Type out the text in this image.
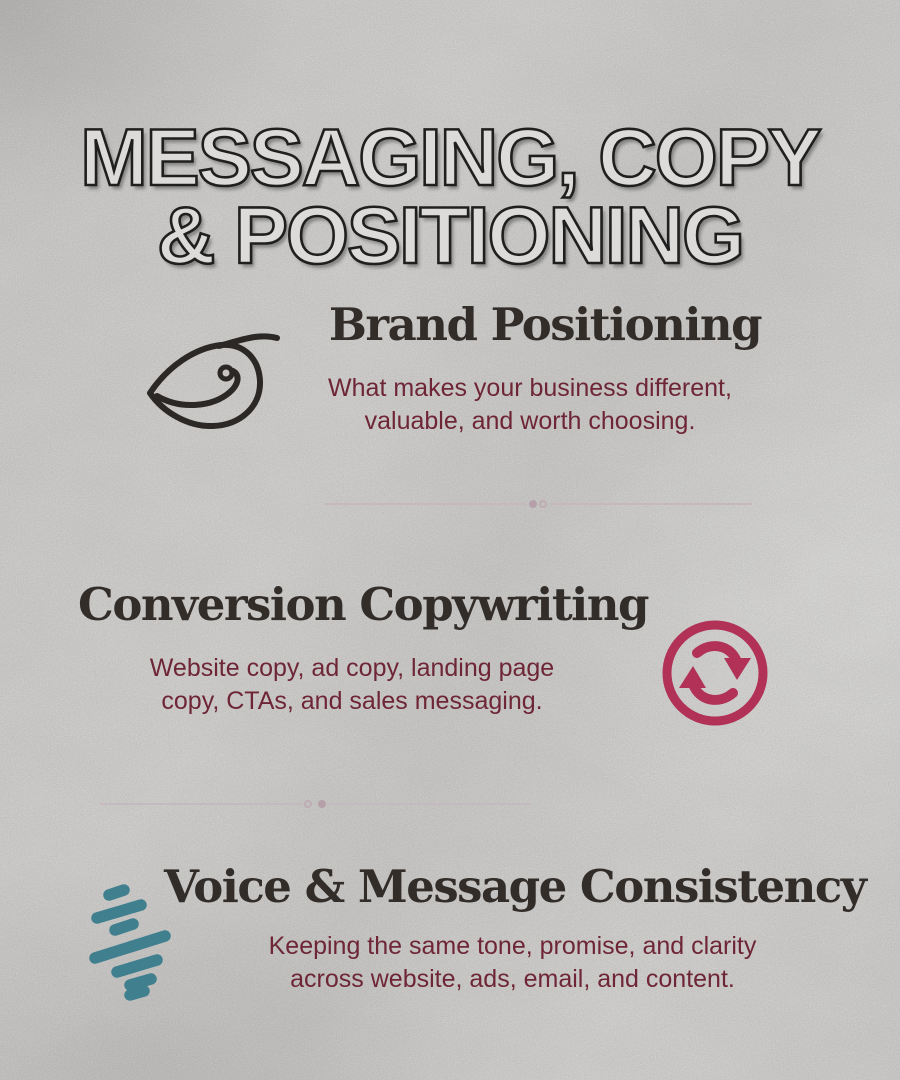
MESSAGING, COPY
& POSITIONING
Brand Positioning
What makes your business different,
valuable, and worth choosing.
Conversion Copywriting
Website copy, ad copy, landing page
copy, CTAs, and sales messaging.
Voice & Message Consistency
Keeping the same tone, promise, and clarity
across website, ads, email, and content.
